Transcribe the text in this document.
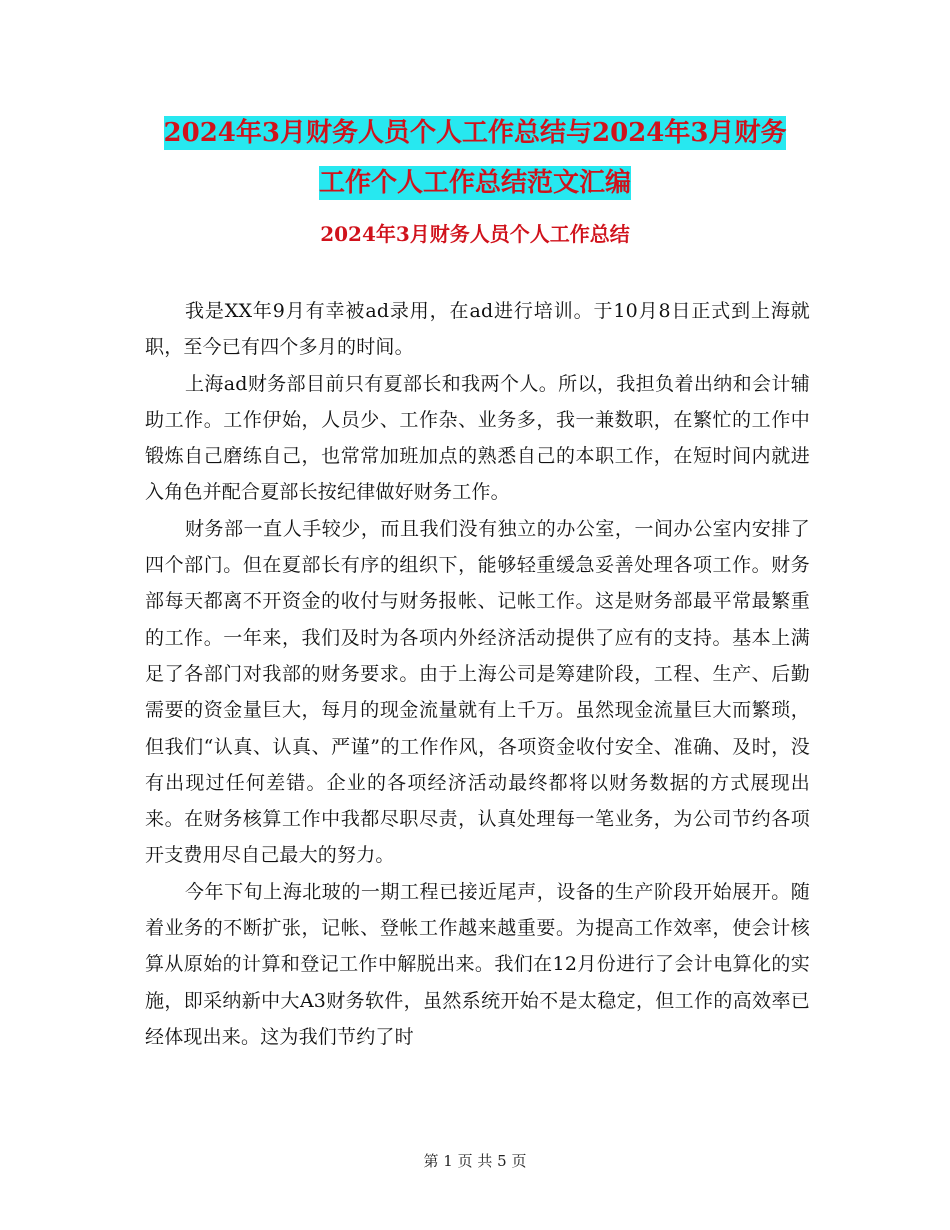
2024年3月财务人员个人工作总结与2024年3月财务
工作个人工作总结范文汇编
2024年3月财务人员个人工作总结

我是XX年9月有幸被ad录用，在ad进行培训。于10月8日正式到上海就职，至今已有四个多月的时间。

上海ad财务部目前只有夏部长和我两个人。所以，我担负着出纳和会计辅助工作。工作伊始，人员少、工作杂、业务多，我一兼数职，在繁忙的工作中锻炼自己磨练自己，也常常加班加点的熟悉自己的本职工作，在短时间内就进入角色并配合夏部长按纪律做好财务工作。

财务部一直人手较少，而且我们没有独立的办公室，一间办公室内安排了四个部门。但在夏部长有序的组织下，能够轻重缓急妥善处理各项工作。财务部每天都离不开资金的收付与财务报帐、记帐工作。这是财务部最平常最繁重的工作。一年来，我们及时为各项内外经济活动提供了应有的支持。基本上满足了各部门对我部的财务要求。由于上海公司是筹建阶段，工程、生产、后勤需要的资金量巨大，每月的现金流量就有上千万。虽然现金流量巨大而繁琐，但我们“认真、认真、严谨”的工作作风，各项资金收付安全、准确、及时，没有出现过任何差错。企业的各项经济活动最终都将以财务数据的方式展现出来。在财务核算工作中我都尽职尽责，认真处理每一笔业务，为公司节约各项开支费用尽自己最大的努力。

今年下旬上海北玻的一期工程已接近尾声，设备的生产阶段开始展开。随着业务的不断扩张，记帐、登帐工作越来越重要。为提高工作效率，使会计核算从原始的计算和登记工作中解脱出来。我们在12月份进行了会计电算化的实施，即采纳新中大A3财务软件，虽然系统开始不是太稳定，但工作的高效率已经体现出来。这为我们节约了时

第 1 页 共 5 页
